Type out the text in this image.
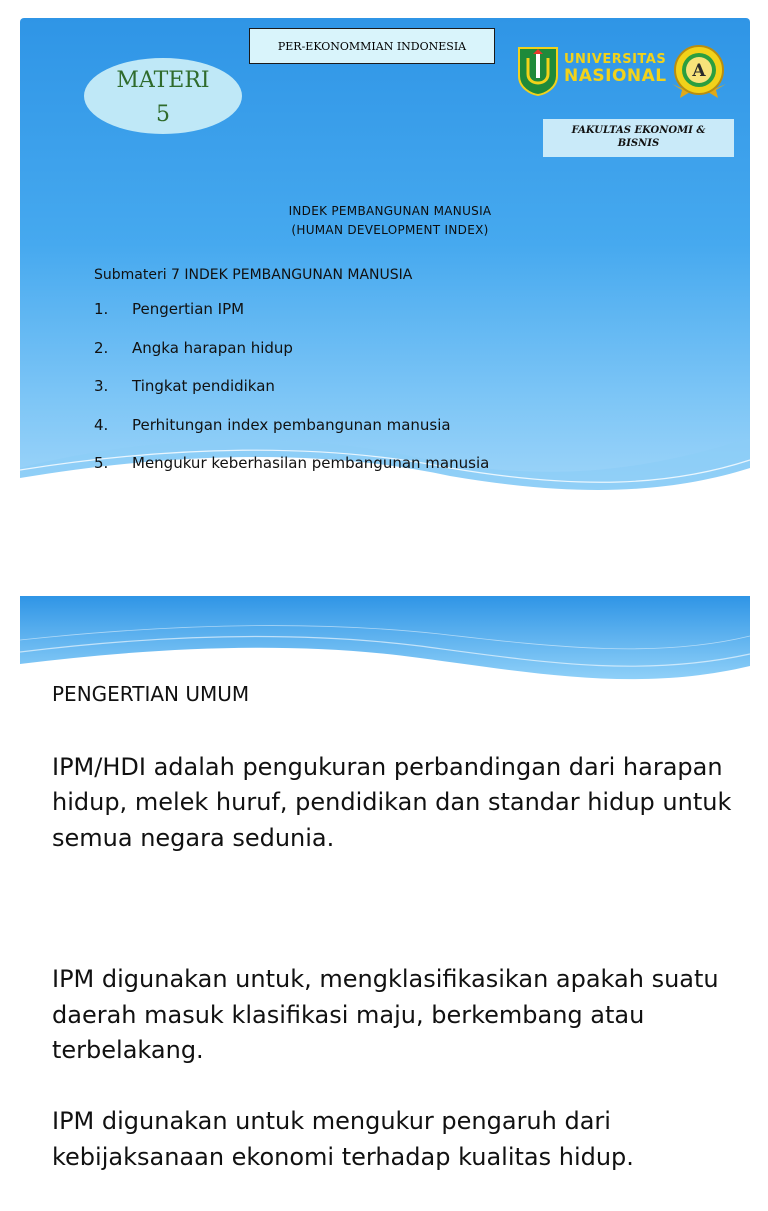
PER-EKONOMMIAN INDONESIA
MATERI
5
UNIVERSITAS
NASIONAL A
FAKULTAS EKONOMI &
BISNIS
INDEK PEMBANGUNAN MANUSIA
(HUMAN DEVELOPMENT INDEX)
Submateri 7 INDEK PEMBANGUNAN MANUSIA
1.	Pengertian IPM
2.	Angka harapan hidup
3.	Tingkat pendidikan
4.	Perhitungan index pembangunan manusia
5.	Mengukur keberhasilan pembangunan manusia
PENGERTIAN UMUM

IPM/HDI adalah pengukuran perbandingan dari harapan hidup, melek huruf, pendidikan dan standar hidup untuk semua negara sedunia.

IPM digunakan untuk, mengklasifikasikan apakah suatu daerah masuk klasifikasi maju, berkembang atau terbelakang.

IPM digunakan untuk mengukur pengaruh dari kebijaksanaan ekonomi terhadap kualitas hidup.
